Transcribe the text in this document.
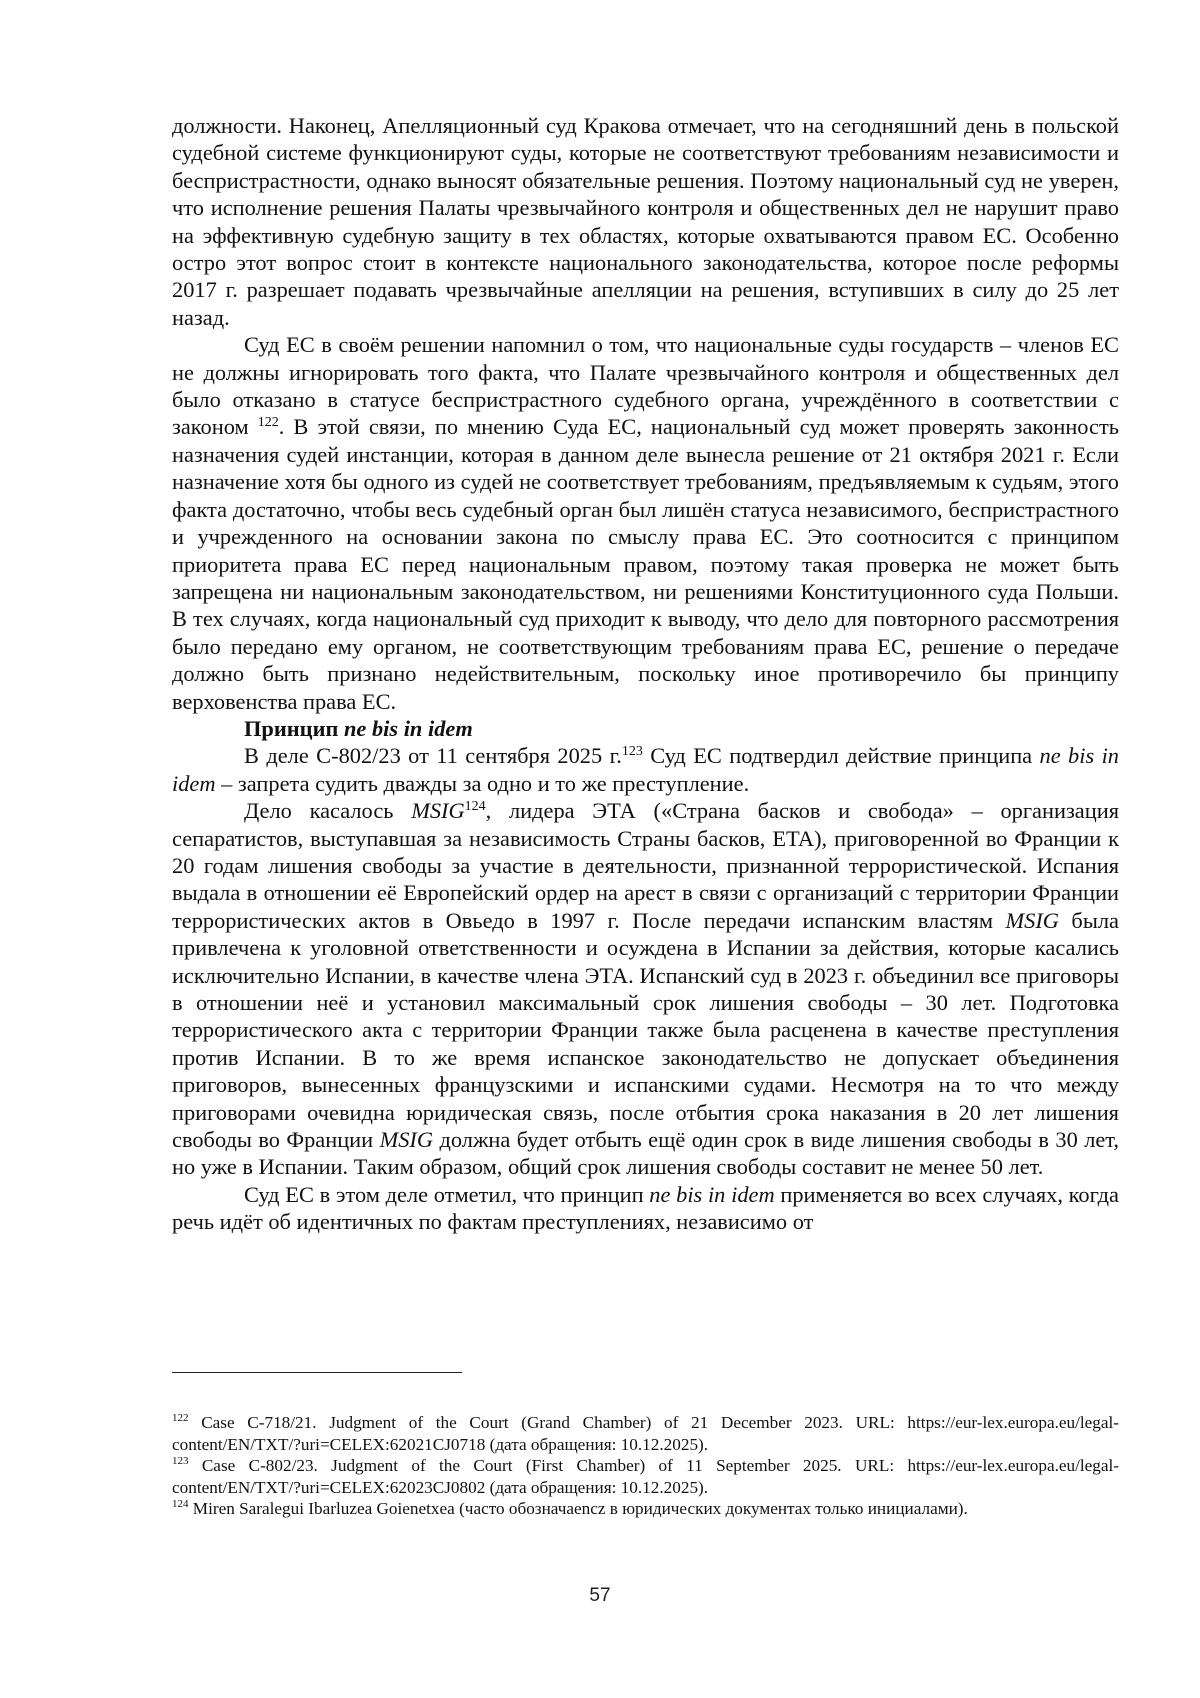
должности. Наконец, Апелляционный суд Кракова отмечает, что на сегодняшний день в польской судебной системе функционируют суды, которые не соответствуют требованиям независимости и беспристрастности, однако выносят обязательные решения. Поэтому национальный суд не уверен, что исполнение решения Палаты чрезвычайного контроля и общественных дел не нарушит право на эффективную судебную защиту в тех областях, которые охватываются правом ЕС. Особенно остро этот вопрос стоит в контексте национального законодательства, которое после реформы 2017 г. разрешает подавать чрезвычайные апелляции на решения, вступивших в силу до 25 лет назад.

Суд ЕС в своём решении напомнил о том, что национальные суды государств – членов ЕС не должны игнорировать того факта, что Палате чрезвычайного контроля и общественных дел было отказано в статусе беспристрастного судебного органа, учреждённого в соответствии с законом $^{122}$. В этой связи, по мнению Суда ЕС, национальный суд может проверять законность назначения судей инстанции, которая в данном деле вынесла решение от 21 октября 2021 г. Если назначение хотя бы одного из судей не соответствует требованиям, предъявляемым к судьям, этого факта достаточно, чтобы весь судебный орган был лишён статуса независимого, беспристрастного и учрежденного на основании закона по смыслу права ЕС. Это соотносится с принципом приоритета права ЕС перед национальным правом, поэтому такая проверка не может быть запрещена ни национальным законодательством, ни решениями Конституционного суда Польши. В тех случаях, когда национальный суд приходит к выводу, что дело для повторного рассмотрения было передано ему органом, не соответствующим требованиям права ЕС, решение о передаче должно быть признано недействительным, поскольку иное противоречило бы принципу верховенства права ЕС.

Принцип ne bis in idem

В деле C-802/23 от 11 сентября 2025 г.$^{123}$ Суд ЕС подтвердил действие принципа ne bis in idem – запрета судить дважды за одно и то же преступление.

Дело касалось MSIG$^{124}$, лидера ЭТА («Страна басков и свобода» – организация сепаратистов, выступавшая за независимость Страны басков, ETA), приговоренной во Франции к 20 годам лишения свободы за участие в деятельности, признанной террористической. Испания выдала в отношении её Европейский ордер на арест в связи с организаций с территории Франции террористических актов в Овьедо в 1997 г. После передачи испанским властям MSIG была привлечена к уголовной ответственности и осуждена в Испании за действия, которые касались исключительно Испании, в качестве члена ЭТА. Испанский суд в 2023 г. объединил все приговоры в отношении неё и установил максимальный срок лишения свободы – 30 лет. Подготовка террористического акта с территории Франции также была расценена в качестве преступления против Испании. В то же время испанское законодательство не допускает объединения приговоров, вынесенных французскими и испанскими судами. Несмотря на то что между приговорами очевидна юридическая связь, после отбытия срока наказания в 20 лет лишения свободы во Франции MSIG должна будет отбыть ещё один срок в виде лишения свободы в 30 лет, но уже в Испании. Таким образом, общий срок лишения свободы составит не менее 50 лет.

Суд ЕС в этом деле отметил, что принцип ne bis in idem применяется во всех случаях, когда речь идёт об идентичных по фактам преступлениях, независимо от

$^{122}$ Case C-718/21. Judgment of the Court (Grand Chamber) of 21 December 2023. URL: https://eur-lex.europa.eu/legal-content/EN/TXT/?uri=CELEX:62021CJ0718 (дата обращения: 10.12.2025).

$^{123}$ Case C-802/23. Judgment of the Court (First Chamber) of 11 September 2025. URL: https://eur-lex.europa.eu/legal-content/EN/TXT/?uri=CELEX:62023CJ0802 (дата обращения: 10.12.2025).

$^{124}$ Miren Saralegui Ibarluzea Goienetxea (часто обозначаenсz в юридических документах только инициалами).

57
